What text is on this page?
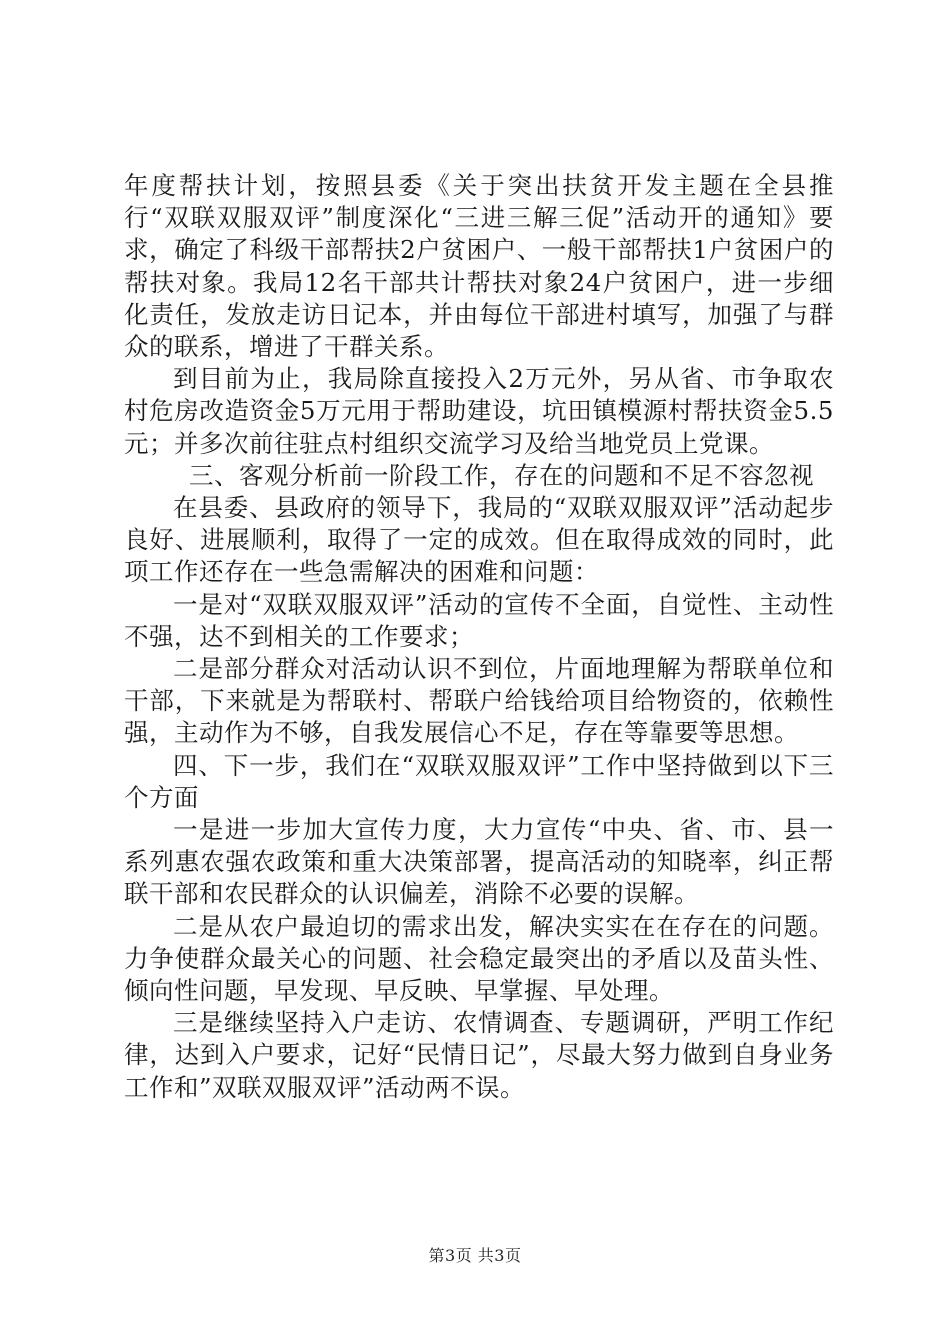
年度帮扶计划，按照县委《关于突出扶贫开发主题在全县推行“双联双服双评”制度深化“三进三解三促”活动开的通知》要求，确定了科级干部帮扶2户贫困户、一般干部帮扶1户贫困户的帮扶对象。我局12名干部共计帮扶对象24户贫困户，进一步细化责任，发放走访日记本，并由每位干部进村填写，加强了与群众的联系，增进了干群关系。

到目前为止，我局除直接投入2万元外，另从省、市争取农村危房改造资金5万元用于帮助建设，坑田镇模源村帮扶资金5.5元；并多次前往驻点村组织交流学习及给当地党员上党课。

三、客观分析前一阶段工作，存在的问题和不足不容忽视

在县委、县政府的领导下，我局的“双联双服双评”活动起步良好、进展顺利，取得了一定的成效。但在取得成效的同时，此项工作还存在一些急需解决的困难和问题：

一是对“双联双服双评”活动的宣传不全面，自觉性、主动性不强，达不到相关的工作要求；

二是部分群众对活动认识不到位，片面地理解为帮联单位和干部，下来就是为帮联村、帮联户给钱给项目给物资的，依赖性强，主动作为不够，自我发展信心不足，存在等靠要等思想。

四、下一步，我们在“双联双服双评”工作中坚持做到以下三个方面

一是进一步加大宣传力度，大力宣传“中央、省、市、县一系列惠农强农政策和重大决策部署，提高活动的知晓率，纠正帮联干部和农民群众的认识偏差，消除不必要的误解。

二是从农户最迫切的需求出发，解决实实在在存在的问题。力争使群众最关心的问题、社会稳定最突出的矛盾以及苗头性、倾向性问题，早发现、早反映、早掌握、早处理。

三是继续坚持入户走访、农情调查、专题调研，严明工作纪律，达到入户要求，记好“民情日记”，尽最大努力做到自身业务工作和”双联双服双评”活动两不误。

第3页 共3页
